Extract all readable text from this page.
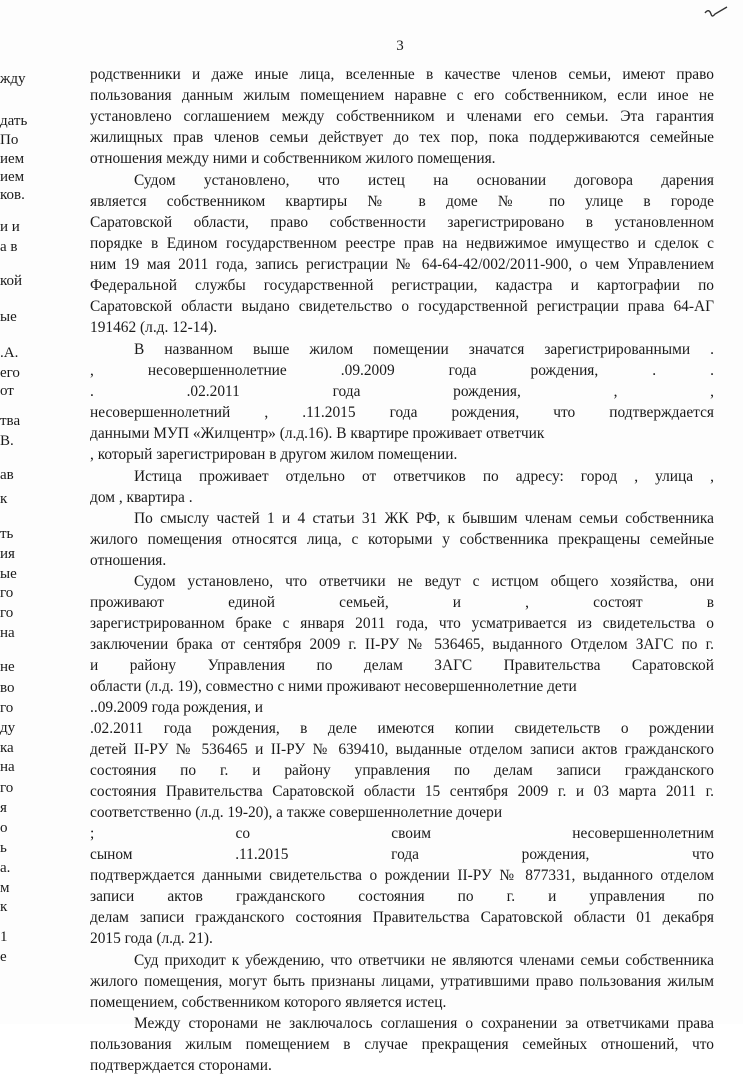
3
жду
дать
По
ием
ием
ков.
и и
а в
кой
ые
.А.
его
от
тва
В.
ав
к
ть
ия
ые
го
го
на
не
во
го
ду
ка
на
го
я
о
ь
а.
м
к
1
е
родственники и даже иные лица, вселенные в качестве членов семьи, имеют право
пользования данным жилым помещением наравне с его собственником, если иное не
установлено соглашением между собственником и членами его семьи. Эта гарантия
жилищных прав членов семьи действует до тех пор, пока поддерживаются семейные
отношения между ними и собственником жилого помещения.
Судом установлено, что истец на основании договора дарения
является собственником квартиры № в доме № по улице в городе
Саратовской области, право собственности зарегистрировано в установленном
порядке в Едином государственном реестре прав на недвижимое имущество и сделок с
ним 19 мая 2011 года, запись регистрации № 64-64-42/002/2011-900, о чем Управлением
Федеральной службы государственной регистрации, кадастра и картографии по
Саратовской области выдано свидетельство о государственной регистрации права 64-АГ
191462 (л.д. 12-14).
В названном выше жилом помещении значатся зарегистрированными .
, несовершеннолетние .09.2009 года рождения, . .
. .02.2011 года рождения, , ,
несовершеннолетний , .11.2015 года рождения, что подтверждается
данными МУП «Жилцентр» (л.д.16). В квартире проживает ответчик
, который зарегистрирован в другом жилом помещении.
Истица проживает отдельно от ответчиков по адресу: город , улица ,
дом , квартира .
По смыслу частей 1 и 4 статьи 31 ЖК РФ, к бывшим членам семьи собственника
жилого помещения относятся лица, с которыми у собственника прекращены семейные
отношения.
Судом установлено, что ответчики не ведут с истцом общего хозяйства, они
проживают единой семьей, и , состоят в
зарегистрированном браке с января 2011 года, что усматривается из свидетельства о
заключении брака от сентября 2009 г. II-РУ № 536465, выданного Отделом ЗАГС по г.
и району Управления по делам ЗАГС Правительства Саратовской
области (л.д. 19), совместно с ними проживают несовершеннолетние дети
..09.2009 года рождения, и
.02.2011 года рождения, в деле имеются копии свидетельств о рождении
детей II-РУ № 536465 и II-РУ № 639410, выданные отделом записи актов гражданского
состояния по г. и району управления по делам записи гражданского
состояния Правительства Саратовской области 15 сентября 2009 г. и 03 марта 2011 г.
соответственно (л.д. 19-20), а также совершеннолетние дочери
; со своим несовершеннолетним
сыном .11.2015 года рождения, что
подтверждается данными свидетельства о рождении II-РУ № 877331, выданного отделом
записи актов гражданского состояния по г. и управления по
делам записи гражданского состояния Правительства Саратовской области 01 декабря
2015 года (л.д. 21).
Суд приходит к убеждению, что ответчики не являются членами семьи собственника
жилого помещения, могут быть признаны лицами, утратившими право пользования жилым
помещением, собственником которого является истец.
Между сторонами не заключалось соглашения о сохранении за ответчиками права
пользования жилым помещением в случае прекращения семейных отношений, что
подтверждается сторонами.
